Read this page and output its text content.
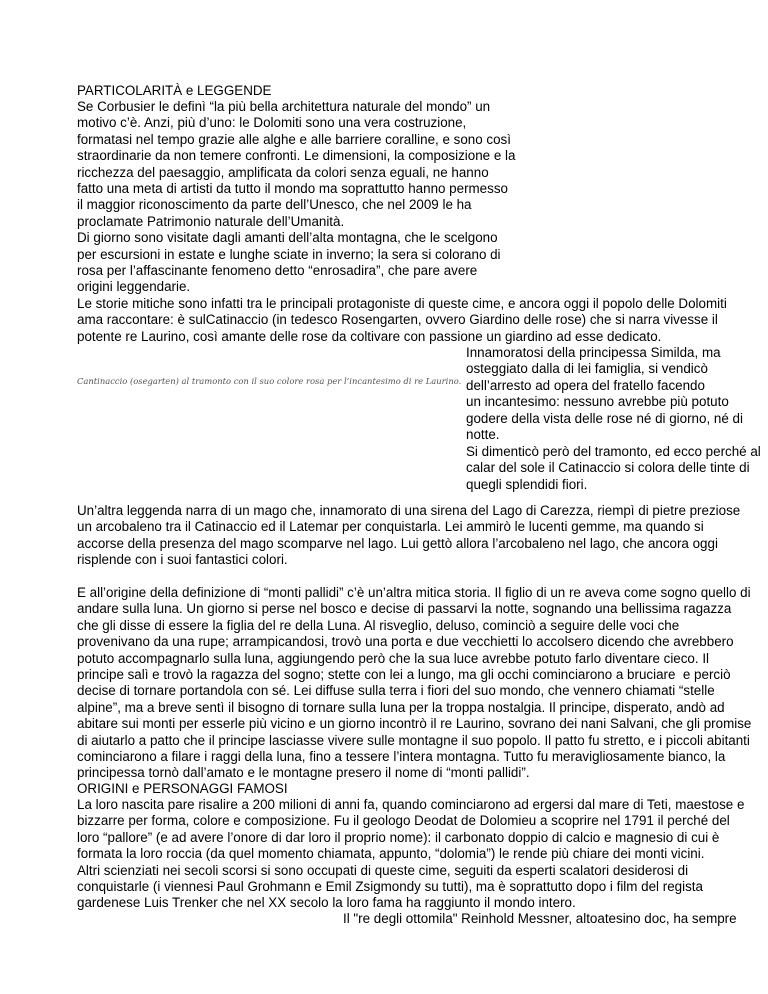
PARTICOLARITÀ e LEGGENDE

Se Corbusier le definì “la più bella architettura naturale del mondo” un
motivo c’è. Anzi, più d’uno: le Dolomiti sono una vera costruzione,
formatasi nel tempo grazie alle alghe e alle barriere coralline, e sono così
straordinarie da non temere confronti. Le dimensioni, la composizione e la
ricchezza del paesaggio, amplificata da colori senza eguali, ne hanno
fatto una meta di artisti da tutto il mondo ma soprattutto hanno permesso
il maggior riconoscimento da parte dell’Unesco, che nel 2009 le ha
proclamate Patrimonio naturale dell’Umanità.
Di giorno sono visitate dagli amanti dell’alta montagna, che le scelgono
per escursioni in estate e lunghe sciate in inverno; la sera si colorano di
rosa per l’affascinante fenomeno detto “enrosadira”, che pare avere
origini leggendarie.

Le storie mitiche sono infatti tra le principali protagoniste di queste cime, e ancora oggi il popolo delle Dolomiti
ama raccontare: è sulCatinaccio (in tedesco Rosengarten, ovvero Giardino delle rose) che si narra vivesse il
potente re Laurino, così amante delle rose da coltivare con passione un giardino ad esse dedicato.

Cantinaccio (osegarten) al tramonto con il suo colore rosa per l’incantesimo di re Laurino.

Innamoratosi della principessa Similda, ma
osteggiato dalla di lei famiglia, si vendicò
dell’arresto ad opera del fratello facendo
un incantesimo: nessuno avrebbe più potuto
godere della vista delle rose né di giorno, né di
notte.

Si dimenticò però del tramonto, ed ecco perché al
calar del sole il Catinaccio si colora delle tinte di
quegli splendidi fiori.

Un’altra leggenda narra di un mago che, innamorato di una sirena del Lago di Carezza, riempì di pietre preziose
un arcobaleno tra il Catinaccio ed il Latemar per conquistarla. Lei ammirò le lucenti gemme, ma quando si
accorse della presenza del mago scomparve nel lago. Lui gettò allora l’arcobaleno nel lago, che ancora oggi
risplende con i suoi fantastici colori.

E all’origine della definizione di “monti pallidi” c’è un’altra mitica storia. Il figlio di un re aveva come sogno quello di
andare sulla luna. Un giorno si perse nel bosco e decise di passarvi la notte, sognando una bellissima ragazza
che gli disse di essere la figlia del re della Luna. Al risveglio, deluso, cominciò a seguire delle voci che
provenivano da una rupe; arrampicandosi, trovò una porta e due vecchietti lo accolsero dicendo che avrebbero
potuto accompagnarlo sulla luna, aggiungendo però che la sua luce avrebbe potuto farlo diventare cieco. Il
principe salì e trovò la ragazza del sogno; stette con lei a lungo, ma gli occhi cominciarono a bruciare  e perciò
decise di tornare portandola con sé. Lei diffuse sulla terra i fiori del suo mondo, che vennero chiamati “stelle
alpine”, ma a breve sentì il bisogno di tornare sulla luna per la troppa nostalgia. Il principe, disperato, andò ad
abitare sui monti per esserle più vicino e un giorno incontrò il re Laurino, sovrano dei nani Salvani, che gli promise
di aiutarlo a patto che il principe lasciasse vivere sulle montagne il suo popolo. Il patto fu stretto, e i piccoli abitanti
cominciarono a filare i raggi della luna, fino a tessere l’intera montagna. Tutto fu meravigliosamente bianco, la
principessa tornò dall’amato e le montagne presero il nome di “monti pallidi”.

ORIGINI e PERSONAGGI FAMOSI

La loro nascita pare risalire a 200 milioni di anni fa, quando cominciarono ad ergersi dal mare di Teti, maestose e
bizzarre per forma, colore e composizione. Fu il geologo Deodat de Dolomieu a scoprire nel 1791 il perché del
loro “pallore” (e ad avere l’onore di dar loro il proprio nome): il carbonato doppio di calcio e magnesio di cui è
formata la loro roccia (da quel momento chiamata, appunto, “dolomia”) le rende più chiare dei monti vicini.
Altri scienziati nei secoli scorsi si sono occupati di queste cime, seguiti da esperti scalatori desiderosi di
conquistarle (i viennesi Paul Grohmann e Emil Zsigmondy su tutti), ma è soprattutto dopo i film del regista
gardenese Luis Trenker che nel XX secolo la loro fama ha raggiunto il mondo intero.

Il "re degli ottomila" Reinhold Messner, altoatesino doc, ha sempre
